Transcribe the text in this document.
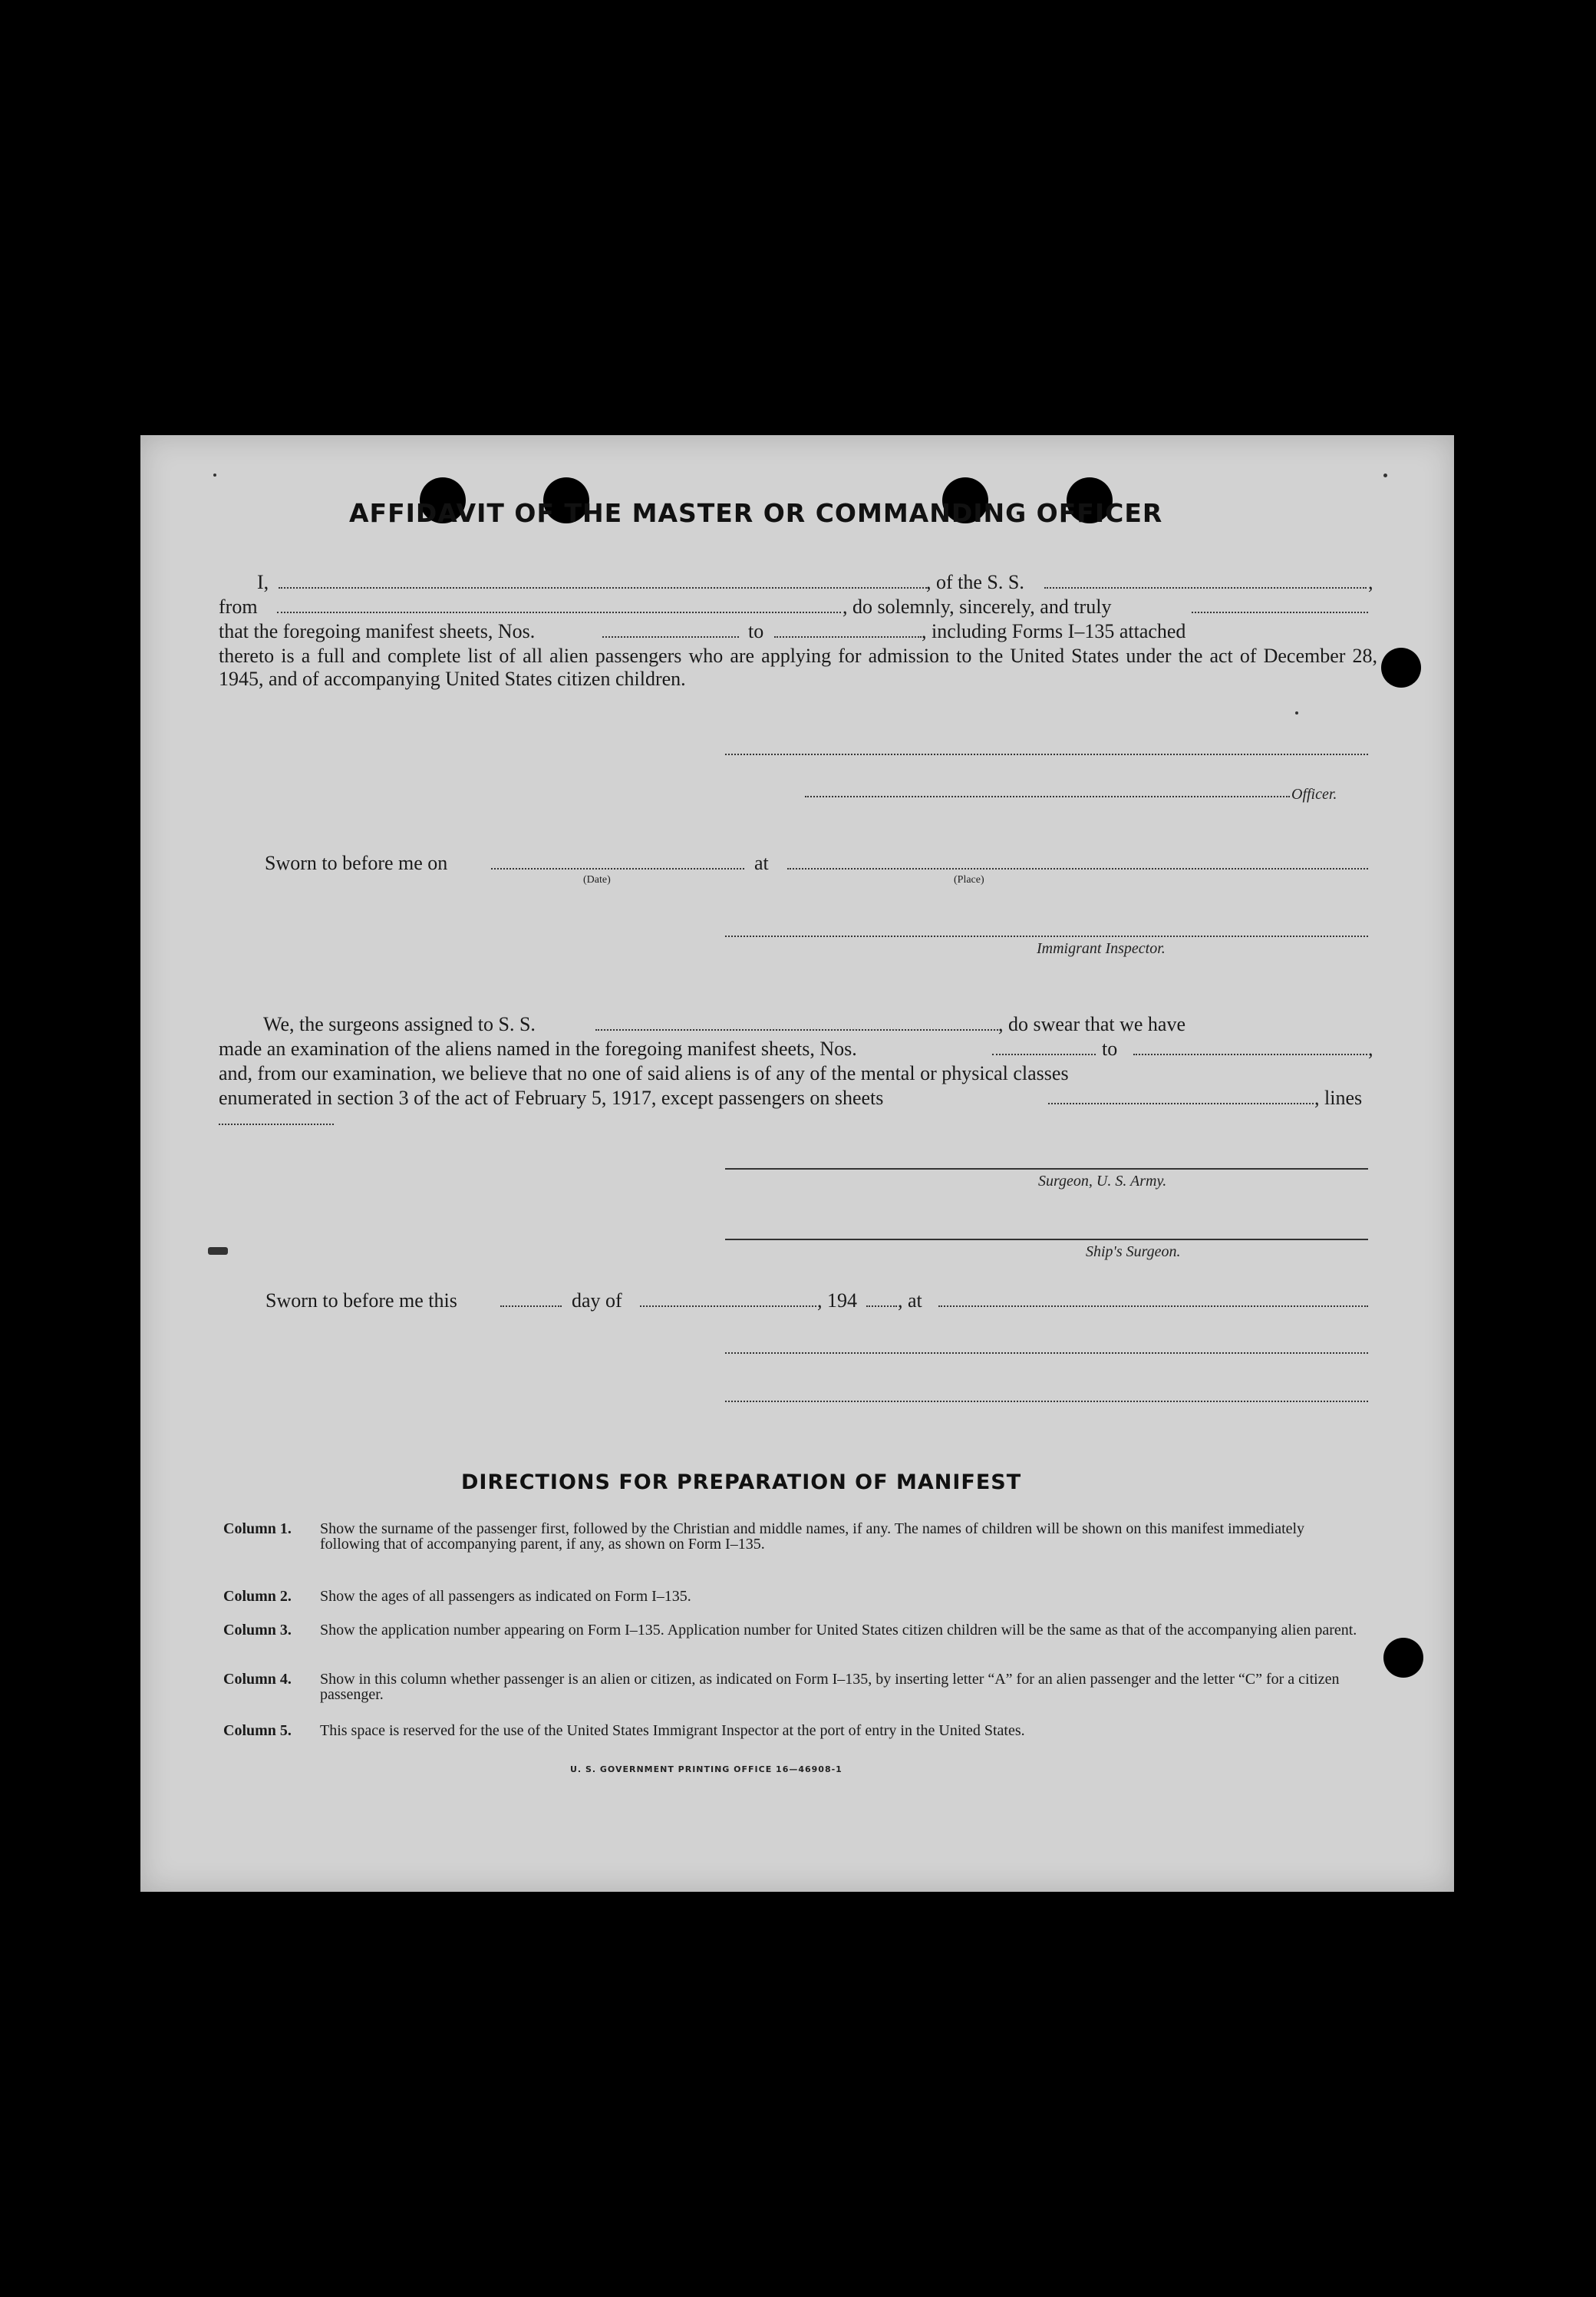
AFFIDAVIT OF THE MASTER OR COMMANDING OFFICER
I,	, of the S. S.	,
from	, do solemnly, sincerely, and truly
that the foregoing manifest sheets, Nos.	to	, including Forms I–135 attached
thereto is a full and complete list of all alien passengers who are applying for admission to the United States under the act of December 28, 1945, and of accompanying United States citizen children.
Officer.
Sworn to before me on	at
(Date)	(Place)
Immigrant Inspector.
We, the surgeons assigned to S. S.	, do swear that we have
made an examination of the aliens named in the foregoing manifest sheets, Nos.	to	,
and, from our examination, we believe that no one of said aliens is of any of the mental or physical classes
enumerated in section 3 of the act of February 5, 1917, except passengers on sheets	, lines
Surgeon, U. S. Army.
Ship's Surgeon.
Sworn to before me this	day of	, 194 , at
DIRECTIONS FOR PREPARATION OF MANIFEST
Column 1.	Show the surname of the passenger first, followed by the Christian and middle names, if any. The names of children will be shown on this manifest immediately following that of accompanying parent, if any, as shown on Form I–135.
Column 2.	Show the ages of all passengers as indicated on Form I–135.
Column 3.	Show the application number appearing on Form I–135. Application number for United States citizen children will be the same as that of the accompanying alien parent.
Column 4.	Show in this column whether passenger is an alien or citizen, as indicated on Form I–135, by inserting letter “A” for an alien passenger and the letter “C” for a citizen passenger.
Column 5.	This space is reserved for the use of the United States Immigrant Inspector at the port of entry in the United States.
U. S. GOVERNMENT PRINTING OFFICE 16—46908-1
